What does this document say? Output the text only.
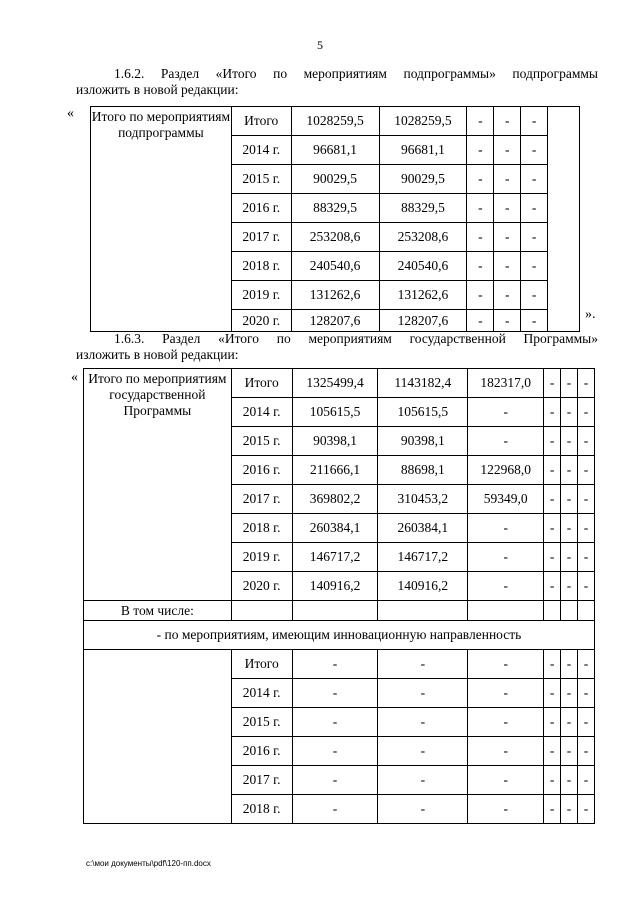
5
1.6.2. Раздел «Итого по мероприятиям подпрограммы» подпрограммы
изложить в новой редакции:
« Итого по мероприятиям подпрограммы	Итого	1028259,5	1028259,5	-	-	-	
	2014 г.	96681,1	96681,1	-	-	-	
	2015 г.	90029,5	90029,5	-	-	-	
	2016 г.	88329,5	88329,5	-	-	-	
	2017 г.	253208,6	253208,6	-	-	-	
	2018 г.	240540,6	240540,6	-	-	-	
	2019 г.	131262,6	131262,6	-	-	-	
	2020 г.	128207,6	128207,6	-	-	-		».
1.6.3. Раздел «Итого по мероприятиям государственной Программы»
изложить в новой редакции:
« Итого по мероприятиям государственной Программы	Итого	1325499,4	1143182,4	182317,0	-	-	-
	2014 г.	105615,5	105615,5	-	-	-	-
	2015 г.	90398,1	90398,1	-	-	-	-
	2016 г.	211666,1	88698,1	122968,0	-	-	-
	2017 г.	369802,2	310453,2	59349,0	-	-	-
	2018 г.	260384,1	260384,1	-	-	-	-
	2019 г.	146717,2	146717,2	-	-	-	-
	2020 г.	140916,2	140916,2	-	-	-	-
В том числе:							
- по мероприятиям, имеющим инновационную направленность							
	Итого	-	-	-	-	-	-
	2014 г.	-	-	-	-	-	-
	2015 г.	-	-	-	-	-	-
	2016 г.	-	-	-	-	-	-
	2017 г.	-	-	-	-	-	-
	2018 г.	-	-	-	-	-	-
c:\мои документы\pdf\120-пп.docx
